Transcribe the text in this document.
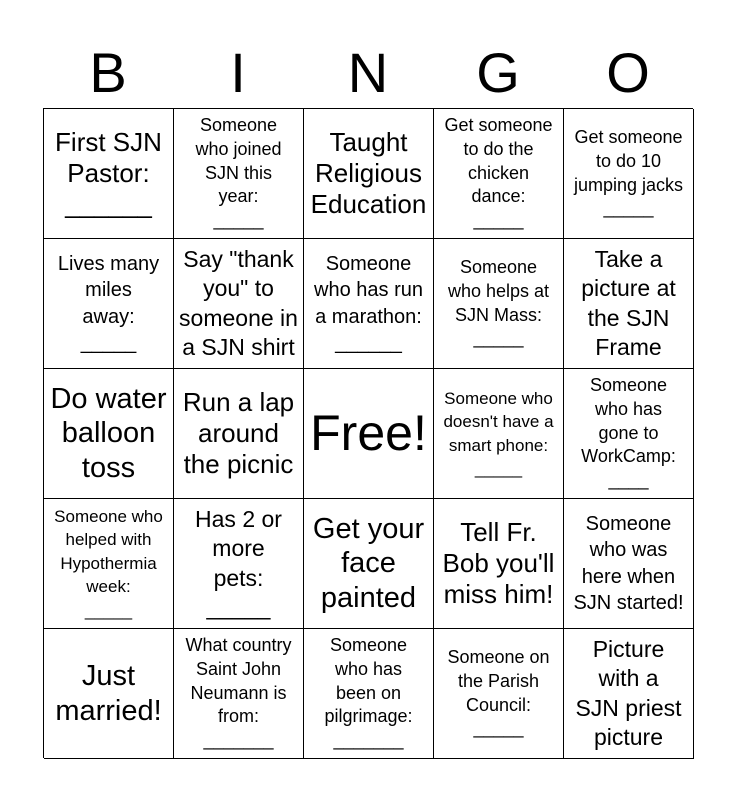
B	I	N	G	O
First SJN
Pastor:
______
Someone
who joined
SJN this
year:
_____
Taught
Religious
Education
Get someone
to do the
chicken
dance:
_____
Get someone
to do 10
jumping jacks
_____
Lives many
miles
away:
_____
Say "thank
you" to
someone in
a SJN shirt
Someone
who has run
a marathon:
______
Someone
who helps at
SJN Mass:
_____
Take a
picture at
the SJN
Frame
Do water
balloon
toss
Run a lap
around
the picnic
Free!
Someone who
doesn't have a
smart phone:
_____
Someone
who has
gone to
WorkCamp:
____
Someone who
helped with
Hypothermia
week:
_____
Has 2 or
more
pets:
_____
Get your
face
painted
Tell Fr.
Bob you'll
miss him!
Someone
who was
here when
SJN started!
Just
married!
What country
Saint John
Neumann is
from:
_______
Someone
who has
been on
pilgrimage:
_______
Someone on
the Parish
Council:
_____
Picture
with a
SJN priest
picture
